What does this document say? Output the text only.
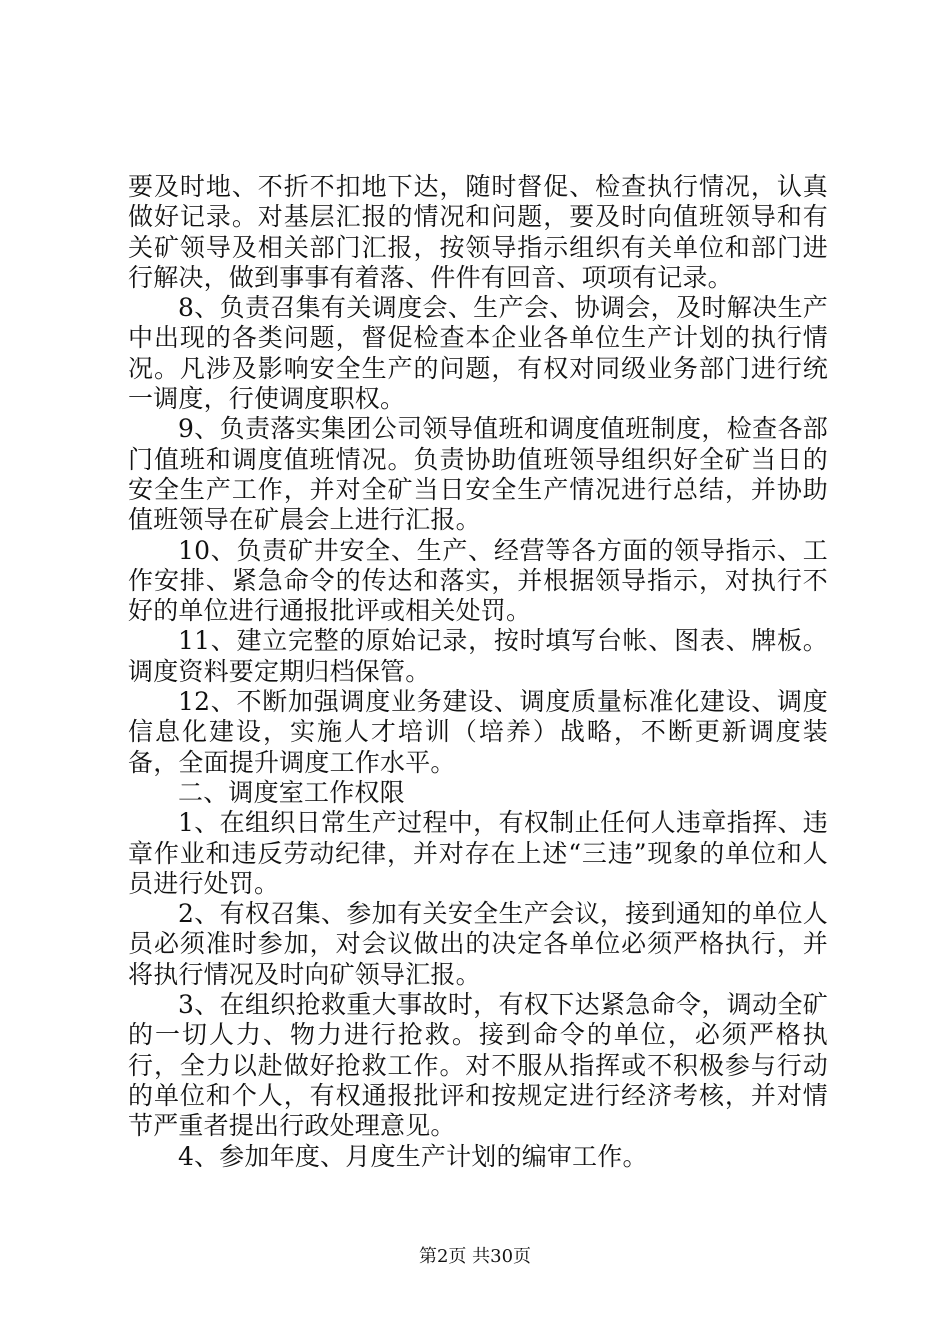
要及时地、不折不扣地下达，随时督促、检查执行情况，认真做好记录。对基层汇报的情况和问题，要及时向值班领导和有关矿领导及相关部门汇报，按领导指示组织有关单位和部门进行解决，做到事事有着落、件件有回音、项项有记录。

8、负责召集有关调度会、生产会、协调会，及时解决生产中出现的各类问题，督促检查本企业各单位生产计划的执行情况。凡涉及影响安全生产的问题，有权对同级业务部门进行统一调度，行使调度职权。

9、负责落实集团公司领导值班和调度值班制度，检查各部门值班和调度值班情况。负责协助值班领导组织好全矿当日的安全生产工作，并对全矿当日安全生产情况进行总结，并协助值班领导在矿晨会上进行汇报。

10、负责矿井安全、生产、经营等各方面的领导指示、工作安排、紧急命令的传达和落实，并根据领导指示，对执行不好的单位进行通报批评或相关处罚。

11、建立完整的原始记录，按时填写台帐、图表、牌板。调度资料要定期归档保管。

12、不断加强调度业务建设、调度质量标准化建设、调度信息化建设，实施人才培训（培养）战略，不断更新调度装备，全面提升调度工作水平。

二、调度室工作权限

1、在组织日常生产过程中，有权制止任何人违章指挥、违章作业和违反劳动纪律，并对存在上述“三违”现象的单位和人员进行处罚。

2、有权召集、参加有关安全生产会议，接到通知的单位人员必须准时参加，对会议做出的决定各单位必须严格执行，并将执行情况及时向矿领导汇报。

3、在组织抢救重大事故时，有权下达紧急命令，调动全矿的一切人力、物力进行抢救。接到命令的单位，必须严格执行，全力以赴做好抢救工作。对不服从指挥或不积极参与行动的单位和个人，有权通报批评和按规定进行经济考核，并对情节严重者提出行政处理意见。

4、参加年度、月度生产计划的编审工作。

第2页 共30页
